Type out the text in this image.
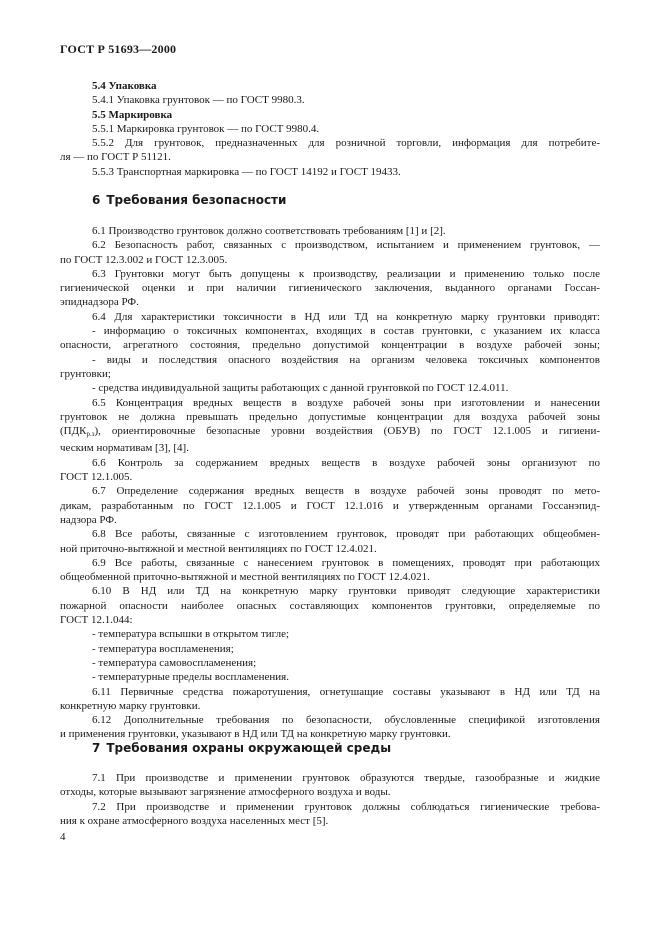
ГОСТ Р 51693—2000
5.4 Упаковка
5.4.1 Упаковка грунтовок — по ГОСТ 9980.3.
5.5 Маркировка
5.5.1 Маркировка грунтовок — по ГОСТ 9980.4.
5.5.2 Для грунтовок, предназначенных для розничной торговли, информация для потребите-
ля — по ГОСТ Р 51121.
5.5.3 Транспортная маркировка — по ГОСТ 14192 и ГОСТ 19433.
6 Требования безопасности
6.1 Производство грунтовок должно соответствовать требованиям [1] и [2].
6.2 Безопасность работ, связанных с производством, испытанием и применением грунтовок, —
по ГОСТ 12.3.002 и ГОСТ 12.3.005.
6.3 Грунтовки могут быть допущены к производству, реализации и применению только после
гигиенической оценки и при наличии гигиенического заключения, выданного органами Госсан-
эпиднадзора РФ.
6.4 Для характеристики токсичности в НД или ТД на конкретную марку грунтовки приводят:
- информацию о токсичных компонентах, входящих в состав грунтовки, с указанием их класса
опасности, агрегатного состояния, предельно допустимой концентрации в воздухе рабочей зоны;
- виды и последствия опасного воздействия на организм человека токсичных компонентов
грунтовки;
- средства индивидуальной защиты работающих с данной грунтовкой по ГОСТ 12.4.011.
6.5 Концентрация вредных веществ в воздухе рабочей зоны при изготовлении и нанесении
грунтовок не должна превышать предельно допустимые концентрации для воздуха рабочей зоны
$(ПДК_{р.з})$, ориентировочные безопасные уровни воздействия (ОБУВ) по ГОСТ 12.1.005 и гигиени-
ческим нормативам [3], [4].
6.6 Контроль за содержанием вредных веществ в воздухе рабочей зоны организуют по
ГОСТ 12.1.005.
6.7 Определение содержания вредных веществ в воздухе рабочей зоны проводят по мето-
дикам, разработанным по ГОСТ 12.1.005 и ГОСТ 12.1.016 и утвержденным органами Госсанэпид-
надзора РФ.
6.8 Все работы, связанные с изготовлением грунтовок, проводят при работающих общеобмен-
ной приточно-вытяжной и местной вентиляциях по ГОСТ 12.4.021.
6.9 Все работы, связанные с нанесением грунтовок в помещениях, проводят при работающих
общеобменной приточно-вытяжной и местной вентиляциях по ГОСТ 12.4.021.
6.10 В НД или ТД на конкретную марку грунтовки приводят следующие характеристики
пожарной опасности наиболее опасных составляющих компонентов грунтовки, определяемые по
ГОСТ 12.1.044:
- температура вспышки в открытом тигле;
- температура воспламенения;
- температура самовоспламенения;
- температурные пределы воспламенения.
6.11 Первичные средства пожаротушения, огнетушащие составы указывают в НД или ТД на
конкретную марку грунтовки.
6.12 Дополнительные требования по безопасности, обусловленные спецификой изготовления
и применения грунтовки, указывают в НД или ТД на конкретную марку грунтовки.
7 Требования охраны окружающей среды
7.1 При производстве и применении грунтовок образуются твердые, газообразные и жидкие
отходы, которые вызывают загрязнение атмосферного воздуха и воды.
7.2 При производстве и применении грунтовок должны соблюдаться гигиенические требова-
ния к охране атмосферного воздуха населенных мест [5].
4
